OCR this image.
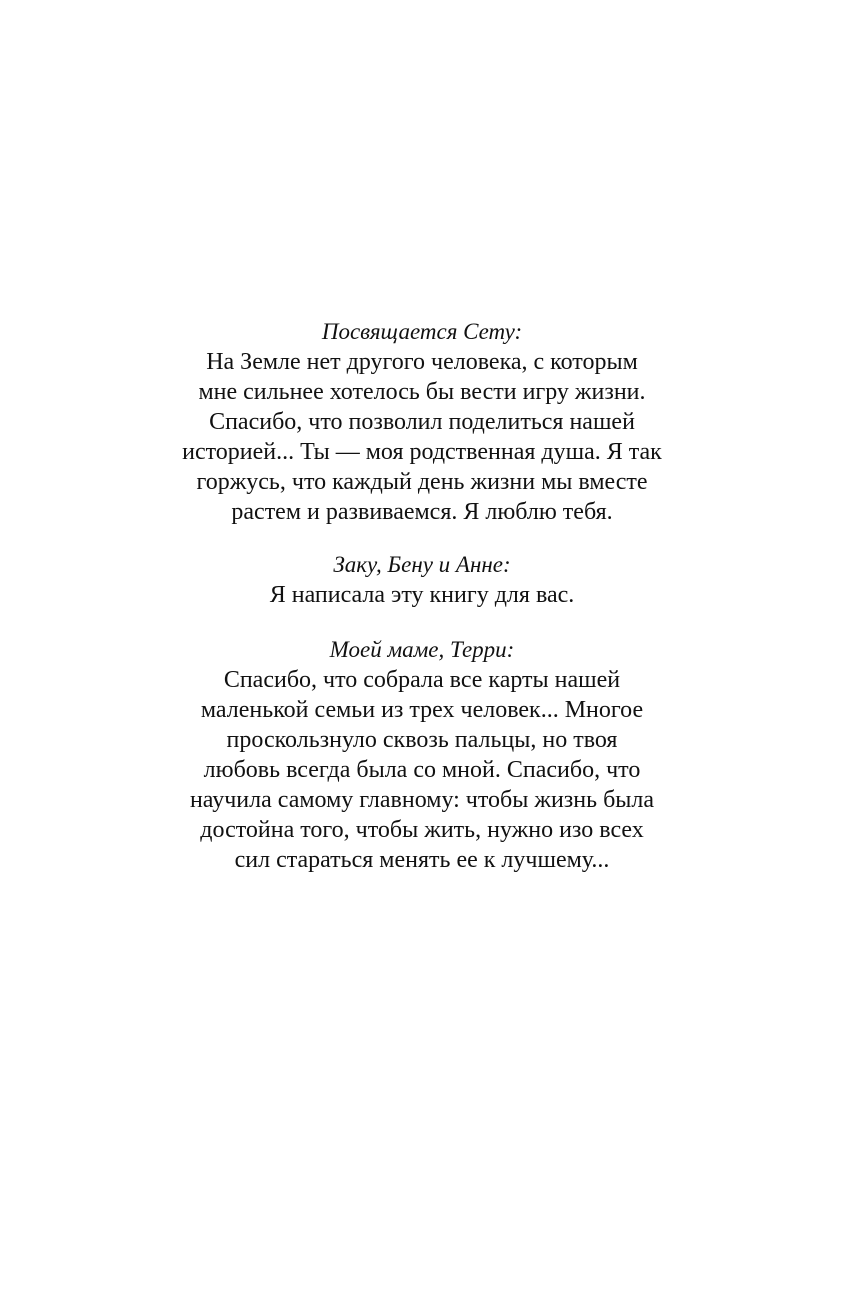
Посвящается Сету:
На Земле нет другого человека, с которым
мне сильнее хотелось бы вести игру жизни.
Спасибо, что позволил поделиться нашей
историей... Ты — моя родственная душа. Я так
горжусь, что каждый день жизни мы вместе
растем и развиваемся. Я люблю тебя.
Заку, Бену и Анне:
Я написала эту книгу для вас.
Моей маме, Терри:
Спасибо, что собрала все карты нашей
маленькой семьи из трех человек... Многое
проскользнуло сквозь пальцы, но твоя
любовь всегда была со мной. Спасибо, что
научила самому главному: чтобы жизнь была
достойна того, чтобы жить, нужно изо всех
сил стараться менять ее к лучшему...
